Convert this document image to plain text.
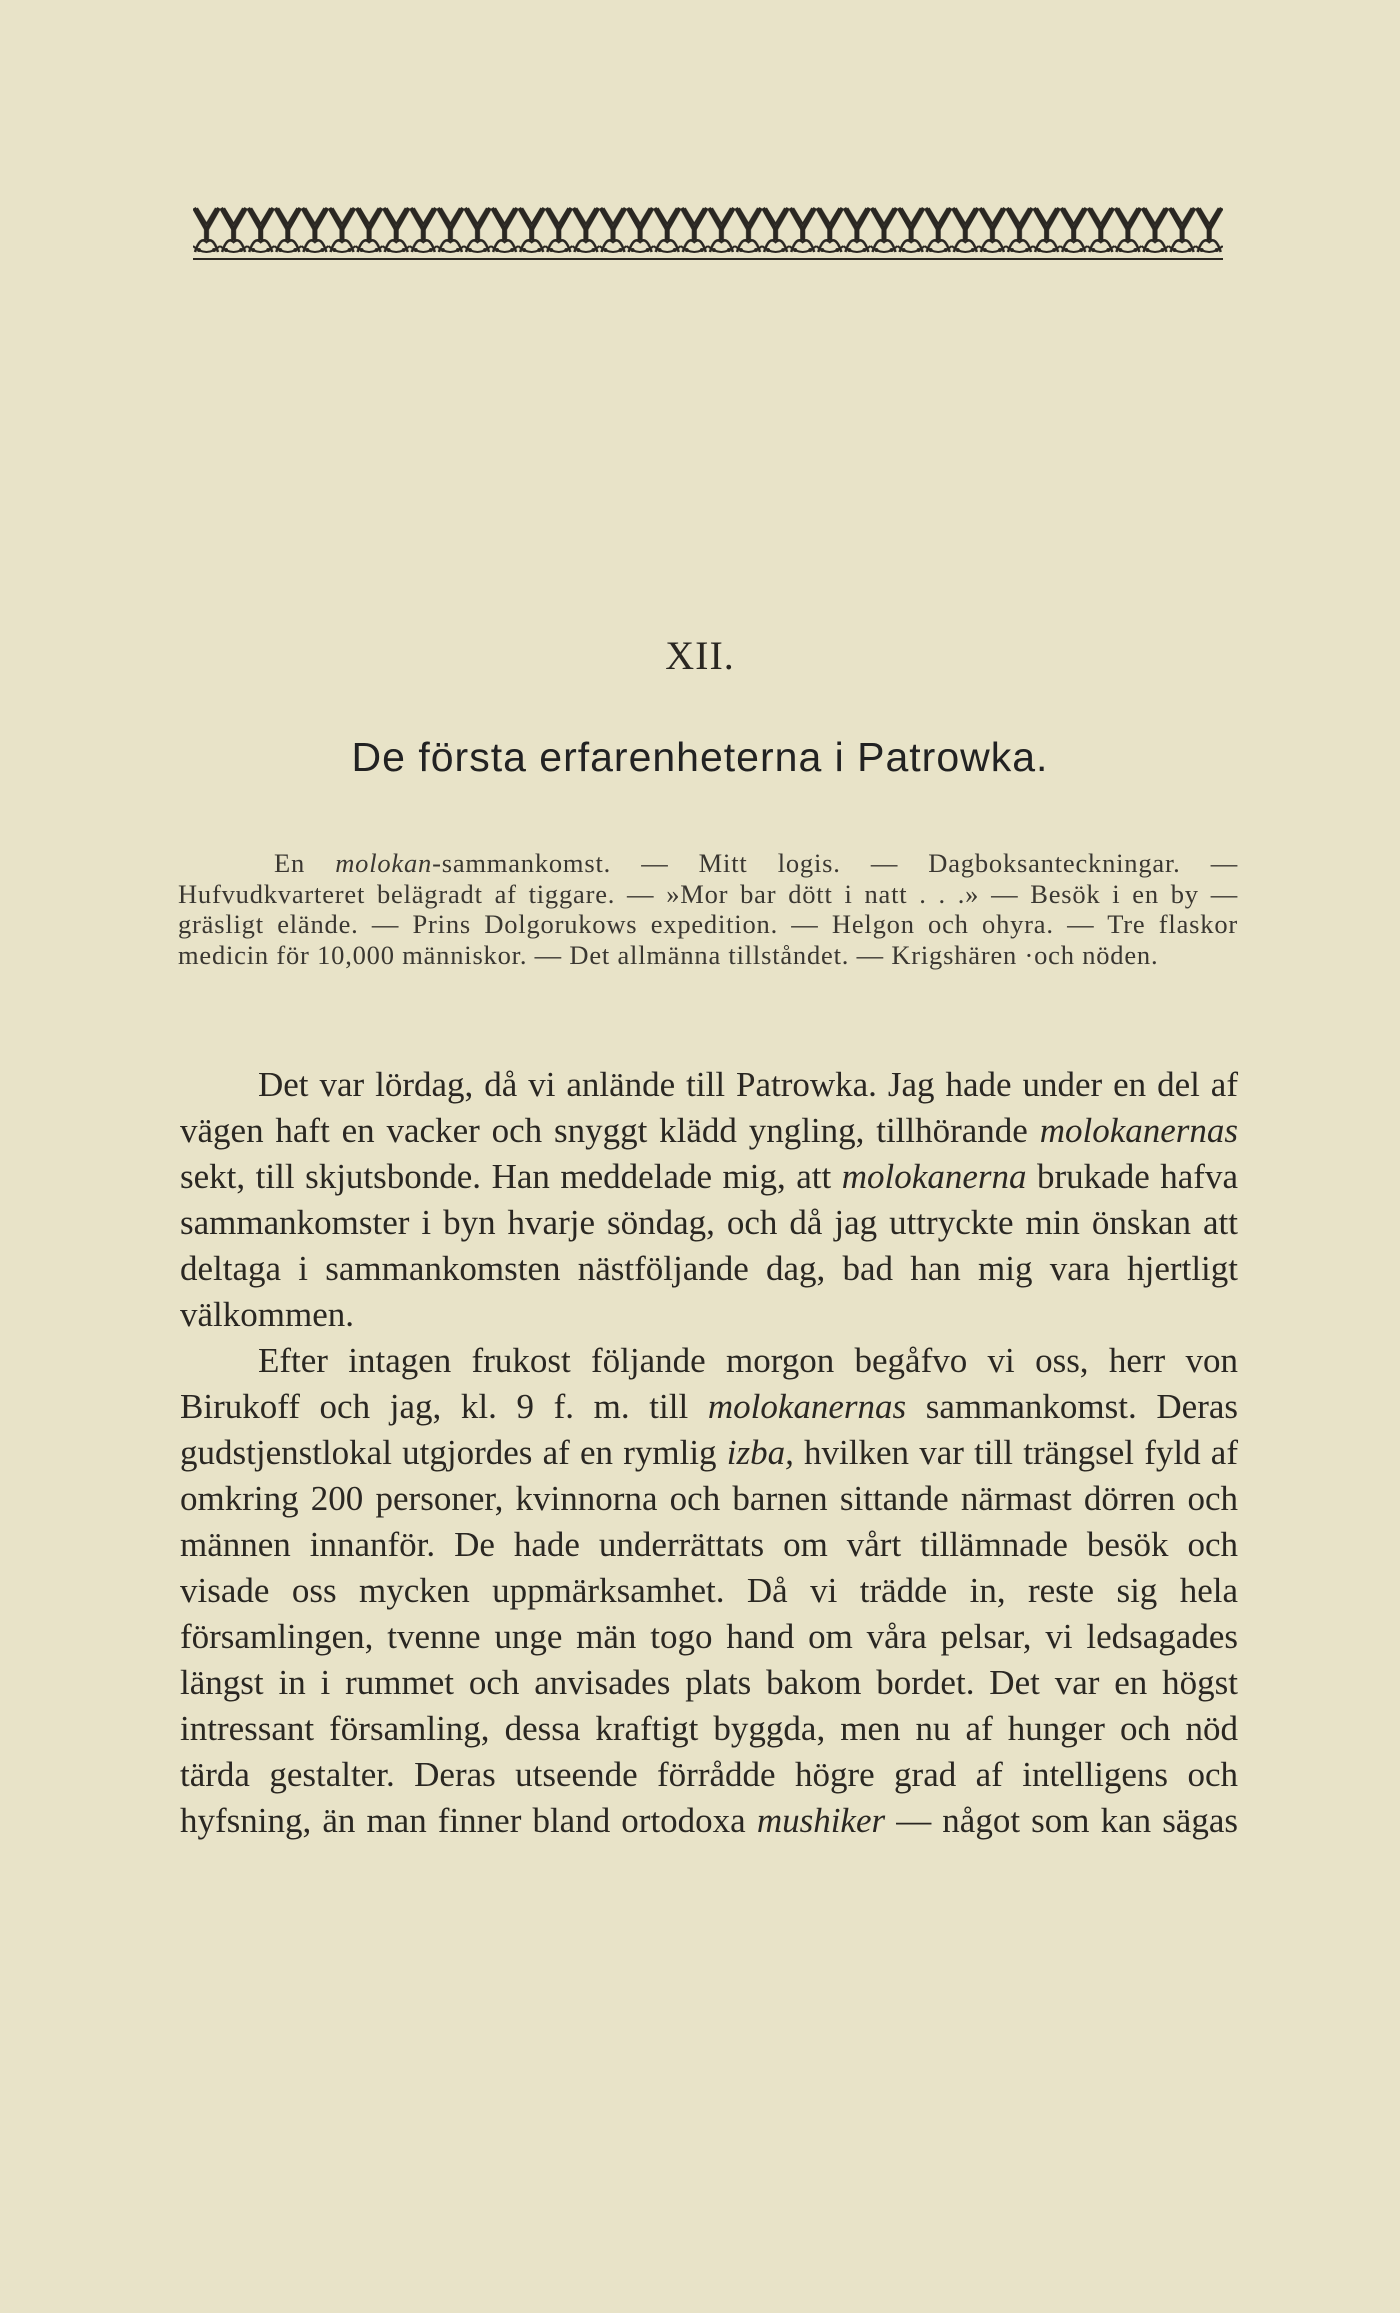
XII.
De första erfarenheterna i Patrowka.

En molokan-sammankomst. — Mitt logis. — Dagboksanteckningar. — Hufvudkvarteret belägradt af tiggare. — »Mor bar dött i natt . . .» — Besök i en by — gräsligt elände. — Prins Dolgorukows expedition. — Helgon och ohyra. — Tre flaskor medicin för 10,000 människor. — Det allmänna tillståndet. — Krigshären ·och nöden.

Det var lördag, då vi anlände till Patrowka. Jag hade under en del af vägen haft en vacker och snyggt klädd yngling, tillhörande molokanernas sekt, till skjutsbonde. Han meddelade mig, att molokanerna brukade hafva sammankomster i byn hvarje söndag, och då jag uttryckte min önskan att deltaga i sammankomsten nästföljande dag, bad han mig vara hjertligt välkommen.

Efter intagen frukost följande morgon begåfvo vi oss, herr von Birukoff och jag, kl. 9 f. m. till molokanernas sammankomst. Deras gudstjenstlokal utgjordes af en rymlig izba, hvilken var till trängsel fyld af omkring 200 personer, kvinnorna och barnen sittande närmast dörren och männen innanför. De hade underrättats om vårt tillämnade besök och visade oss mycken uppmärksamhet. Då vi trädde in, reste sig hela församlingen, tvenne unge män togo hand om våra pelsar, vi ledsagades längst in i rummet och anvisades plats bakom bordet. Det var en högst intressant församling, dessa kraftigt byggda, men nu af hunger och nöd tärda gestalter. Deras utseende förrådde högre grad af intelligens och hyfsning, än man finner bland ortodoxa mushiker — något som kan sägas
